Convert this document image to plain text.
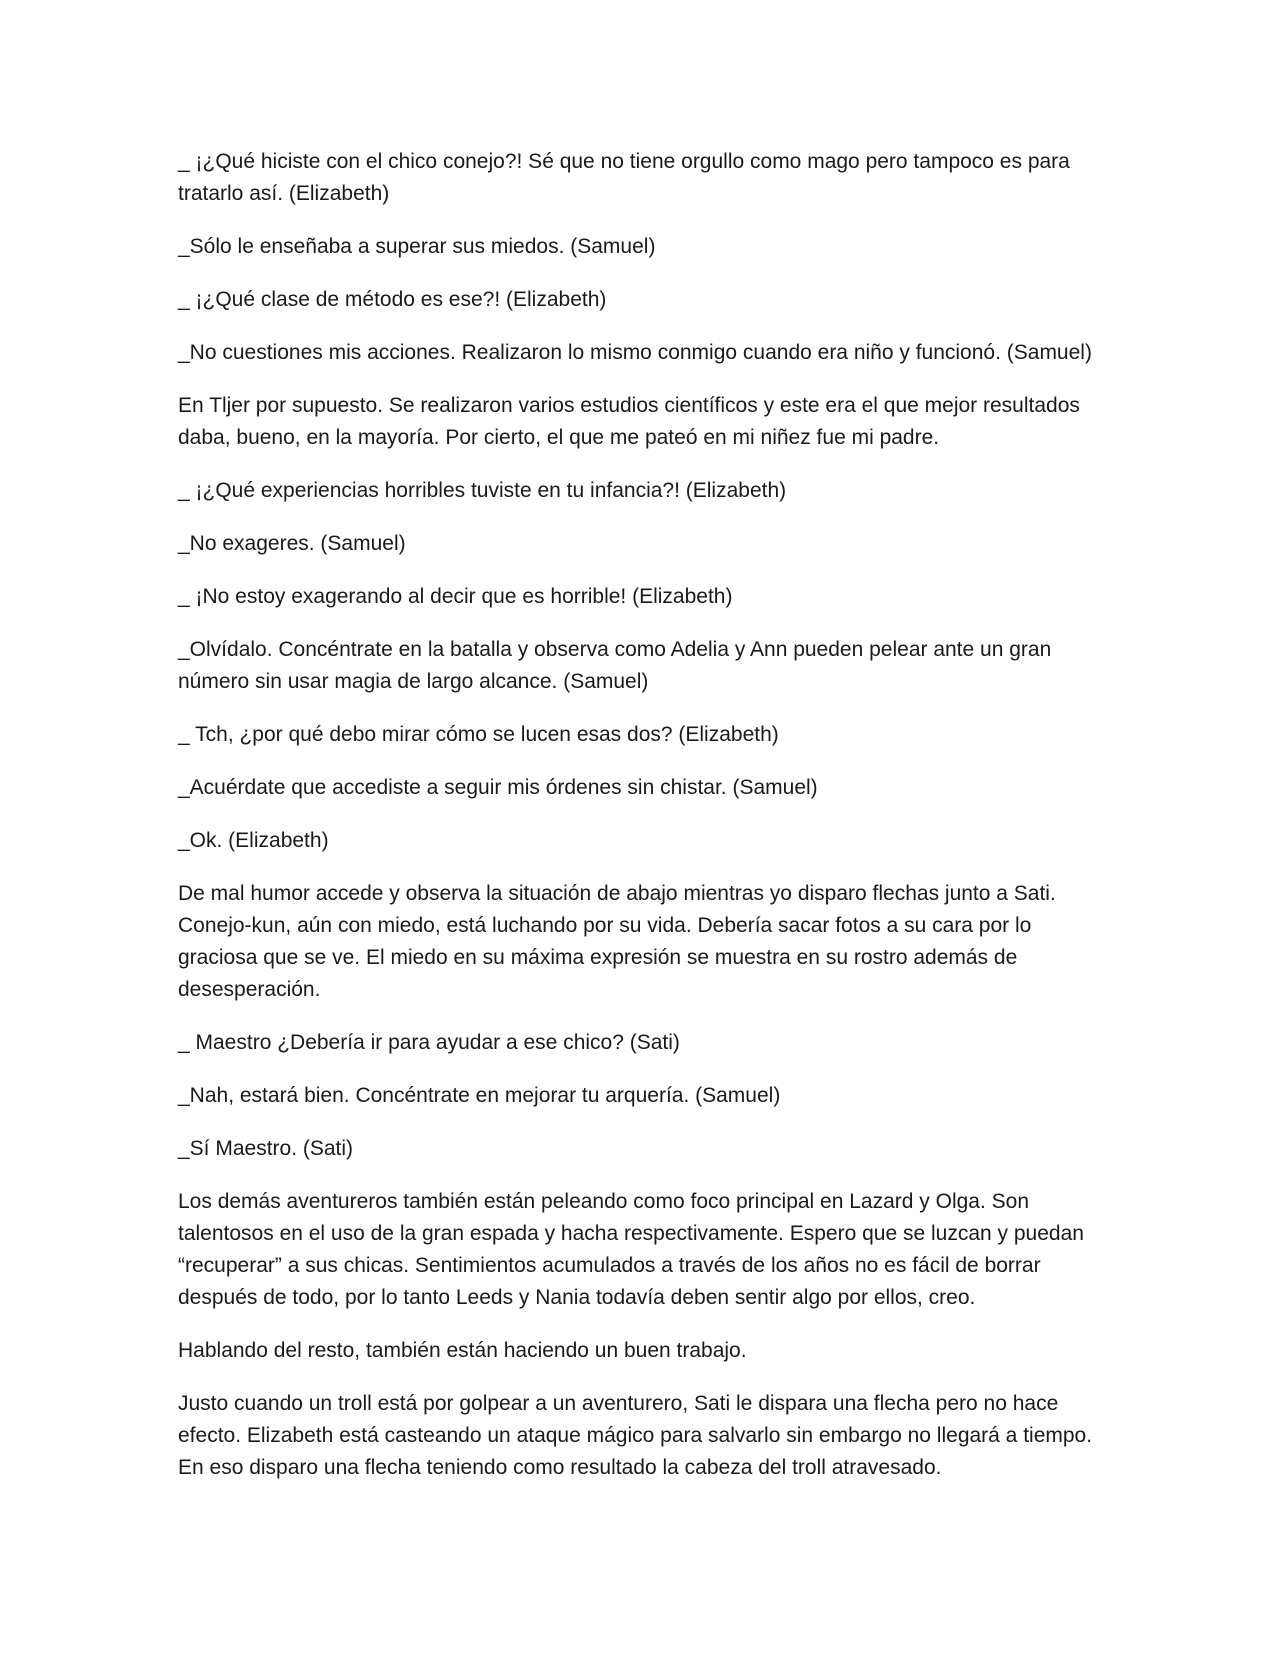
_ ¡¿Qué hiciste con el chico conejo?! Sé que no tiene orgullo como mago pero tampoco es para tratarlo así. (Elizabeth)

_Sólo le enseñaba a superar sus miedos. (Samuel)

_ ¡¿Qué clase de método es ese?! (Elizabeth)

_No cuestiones mis acciones. Realizaron lo mismo conmigo cuando era niño y funcionó. (Samuel)

En Tljer por supuesto. Se realizaron varios estudios científicos y este era el que mejor resultados daba, bueno, en la mayoría. Por cierto, el que me pateó en mi niñez fue mi padre.

_ ¡¿Qué experiencias horribles tuviste en tu infancia?! (Elizabeth)

_No exageres. (Samuel)

_ ¡No estoy exagerando al decir que es horrible! (Elizabeth)

_Olvídalo. Concéntrate en la batalla y observa como Adelia y Ann pueden pelear ante un gran número sin usar magia de largo alcance. (Samuel)

_ Tch, ¿por qué debo mirar cómo se lucen esas dos? (Elizabeth)

_Acuérdate que accediste a seguir mis órdenes sin chistar. (Samuel)

_Ok. (Elizabeth)

De mal humor accede y observa la situación de abajo mientras yo disparo flechas junto a Sati. Conejo-kun, aún con miedo, está luchando por su vida. Debería sacar fotos a su cara por lo graciosa que se ve. El miedo en su máxima expresión se muestra en su rostro además de desesperación.

_ Maestro ¿Debería ir para ayudar a ese chico? (Sati)

_Nah, estará bien. Concéntrate en mejorar tu arquería. (Samuel)

_Sí Maestro. (Sati)

Los demás aventureros también están peleando como foco principal en Lazard y Olga. Son talentosos en el uso de la gran espada y hacha respectivamente. Espero que se luzcan y puedan “recuperar” a sus chicas. Sentimientos acumulados a través de los años no es fácil de borrar después de todo, por lo tanto Leeds y Nania todavía deben sentir algo por ellos, creo.

Hablando del resto, también están haciendo un buen trabajo.

Justo cuando un troll está por golpear a un aventurero, Sati le dispara una flecha pero no hace efecto. Elizabeth está casteando un ataque mágico para salvarlo sin embargo no llegará a tiempo. En eso disparo una flecha teniendo como resultado la cabeza del troll atravesado.
